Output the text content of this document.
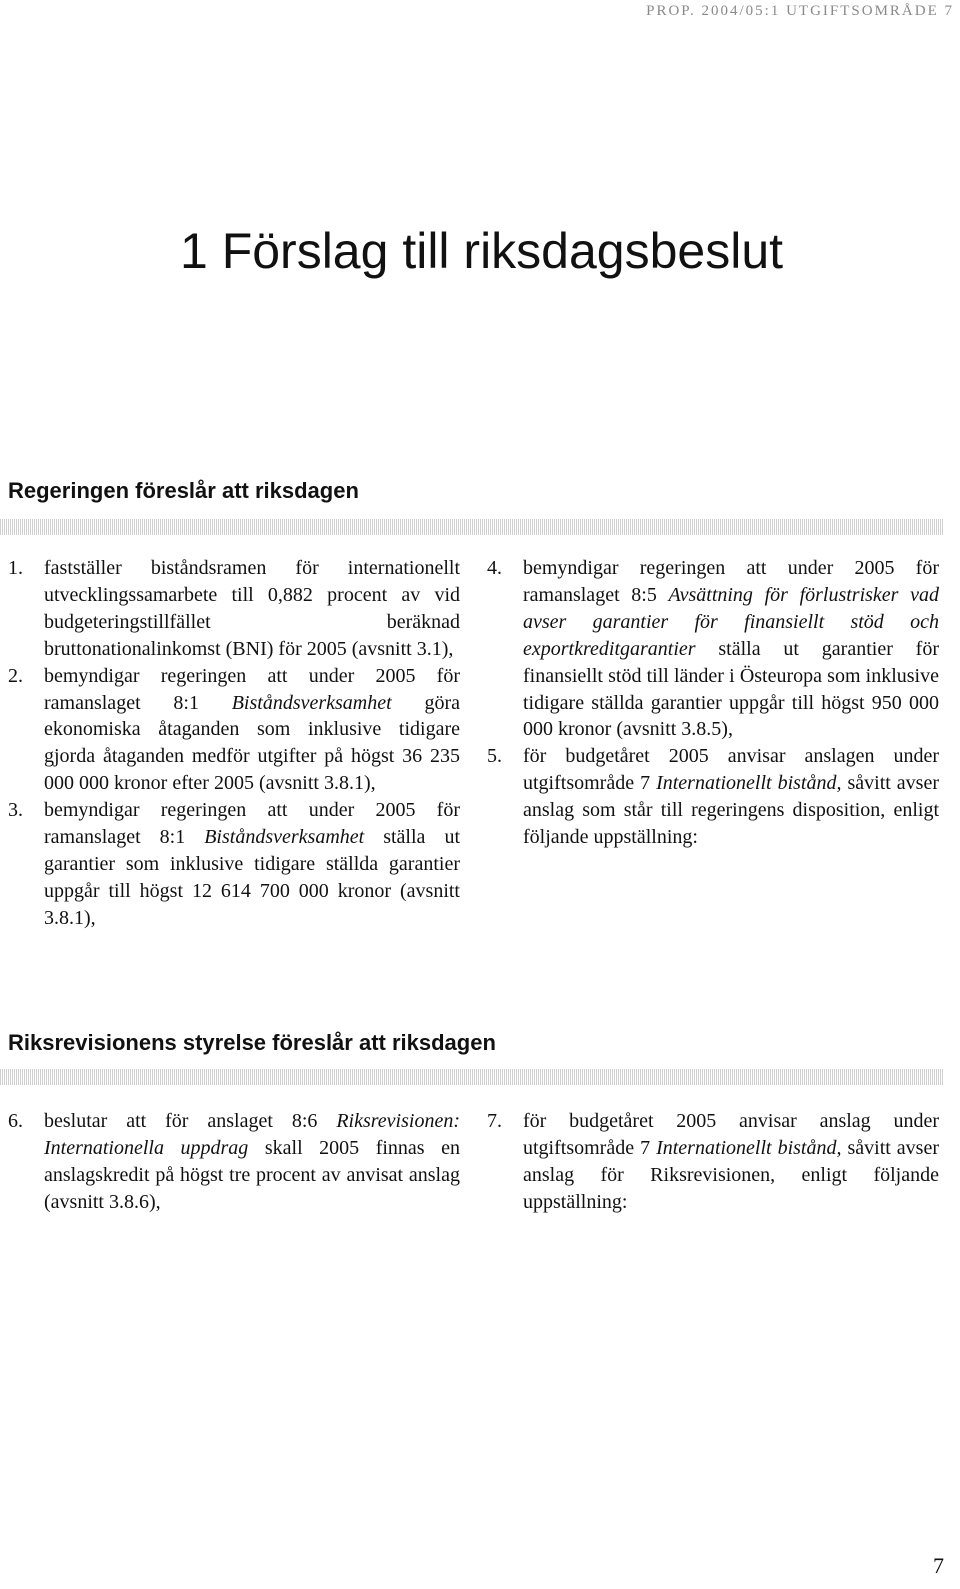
PROP. 2004/05:1 UTGIFTSOMRÅDE 7
1 Förslag till riksdagsbeslut
Regeringen föreslår att riksdagen
1.	fastställer biståndsramen för internationellt utvecklingssamarbete till 0,882 procent av vid budgeteringstillfället beräknad bruttonationalinkomst (BNI) för 2005 (avsnitt 3.1),
2.	bemyndigar regeringen att under 2005 för ramanslaget 8:1 Biståndsverksamhet göra ekonomiska åtaganden som inklusive tidigare gjorda åtaganden medför utgifter på högst 36 235 000 000 kronor efter 2005 (avsnitt 3.8.1),
3.	bemyndigar regeringen att under 2005 för ramanslaget 8:1 Biståndsverksamhet ställa ut garantier som inklusive tidigare ställda garantier uppgår till högst 12 614 700 000 kronor (avsnitt 3.8.1),
4.	bemyndigar regeringen att under 2005 för ramanslaget 8:5 Avsättning för förlustrisker vad avser garantier för finansiellt stöd och exportkreditgarantier ställa ut garantier för finansiellt stöd till länder i Östeuropa som inklusive tidigare ställda garantier uppgår till högst 950 000 000 kronor (avsnitt 3.8.5),
5.	för budgetåret 2005 anvisar anslagen under utgiftsområde 7 Internationellt bistånd, såvitt avser anslag som står till regeringens disposition, enligt följande uppställning:
Riksrevisionens styrelse föreslår att riksdagen
6.	beslutar att för anslaget 8:6 Riksrevisionen: Internationella uppdrag skall 2005 finnas en anslagskredit på högst tre procent av anvisat anslag (avsnitt 3.8.6),
7.	för budgetåret 2005 anvisar anslag under utgiftsområde 7 Internationellt bistånd, såvitt avser anslag för Riksrevisionen, enligt följande uppställning:
7
